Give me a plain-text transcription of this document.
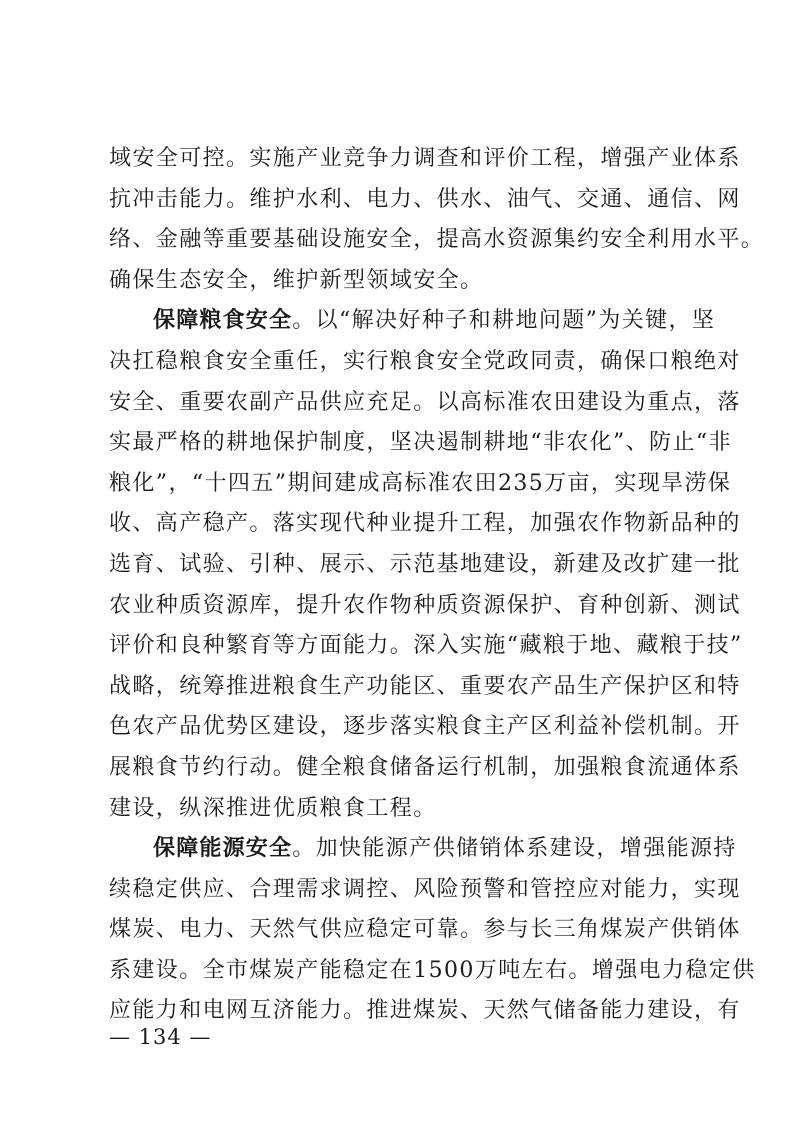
域安全可控。实施产业竞争力调查和评价工程，增强产业体系
抗冲击能力。维护水利、电力、供水、油气、交通、通信、网
络、金融等重要基础设施安全，提高水资源集约安全利用水平。
确保生态安全，维护新型领域安全。
保障粮食安全。以“解决好种子和耕地问题”为关键，坚
决扛稳粮食安全重任，实行粮食安全党政同责，确保口粮绝对
安全、重要农副产品供应充足。以高标准农田建设为重点，落
实最严格的耕地保护制度，坚决遏制耕地“非农化”、防止“非
粮化”，“十四五”期间建成高标准农田235万亩，实现旱涝保
收、高产稳产。落实现代种业提升工程，加强农作物新品种的
选育、试验、引种、展示、示范基地建设，新建及改扩建一批
农业种质资源库，提升农作物种质资源保护、育种创新、测试
评价和良种繁育等方面能力。深入实施“藏粮于地、藏粮于技”
战略，统筹推进粮食生产功能区、重要农产品生产保护区和特
色农产品优势区建设，逐步落实粮食主产区利益补偿机制。开
展粮食节约行动。健全粮食储备运行机制，加强粮食流通体系
建设，纵深推进优质粮食工程。
保障能源安全。加快能源产供储销体系建设，增强能源持
续稳定供应、合理需求调控、风险预警和管控应对能力，实现
煤炭、电力、天然气供应稳定可靠。参与长三角煤炭产供销体
系建设。全市煤炭产能稳定在1500万吨左右。增强电力稳定供
应能力和电网互济能力。推进煤炭、天然气储备能力建设，有
— 134 —
